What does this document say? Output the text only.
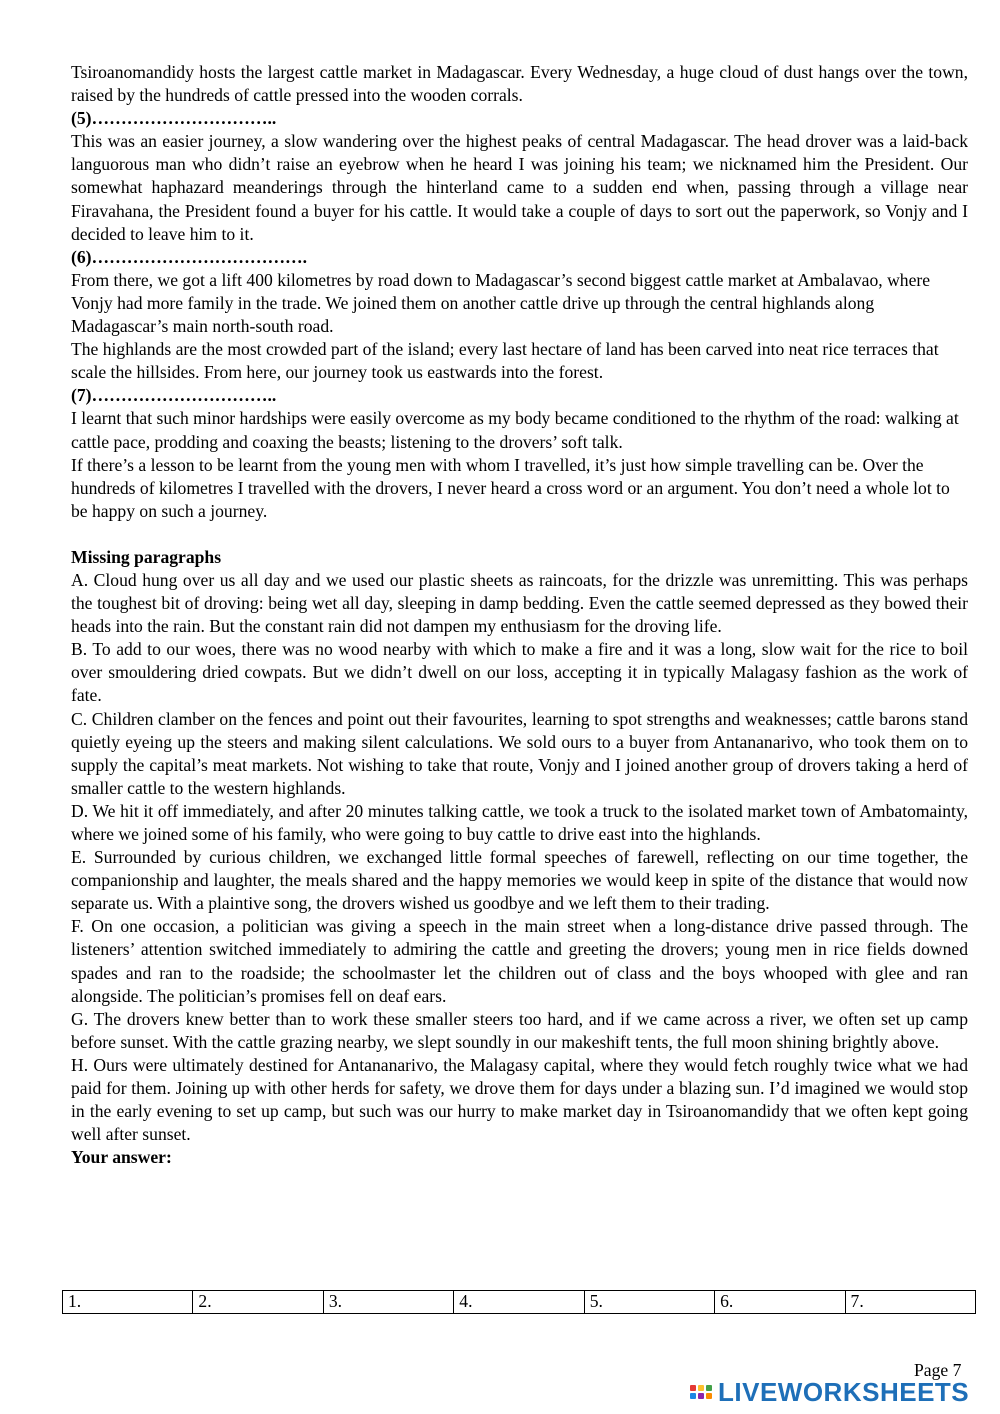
Tsiroanomandidy hosts the largest cattle market in Madagascar. Every Wednesday, a huge cloud of dust hangs over the town, raised by the hundreds of cattle pressed into the wooden corrals.

(5)…………………………..

This was an easier journey, a slow wandering over the highest peaks of central Madagascar. The head drover was a laid-back languorous man who didn’t raise an eyebrow when he heard I was joining his team; we nicknamed him the President. Our somewhat haphazard meanderings through the hinterland came to a sudden end when, passing through a village near Firavahana, the President found a buyer for his cattle. It would take a couple of days to sort out the paperwork, so Vonjy and I decided to leave him to it.

(6)……………………………….

From there, we got a lift 400 kilometres by road down to Madagascar’s second biggest cattle market at Ambalavao, where Vonjy had more family in the trade. We joined them on another cattle drive up through the central highlands along Madagascar’s main north-south road.

The highlands are the most crowded part of the island; every last hectare of land has been carved into neat rice terraces that scale the hillsides. From here, our journey took us eastwards into the forest.

(7)…………………………..

I learnt that such minor hardships were easily overcome as my body became conditioned to the rhythm of the road: walking at cattle pace, prodding and coaxing the beasts; listening to the drovers’ soft talk.

If there’s a lesson to be learnt from the young men with whom I travelled, it’s just how simple travelling can be. Over the hundreds of kilometres I travelled with the drovers, I never heard a cross word or an argument. You don’t need a whole lot to be happy on such a journey.

Missing paragraphs

A. Cloud hung over us all day and we used our plastic sheets as raincoats, for the drizzle was unremitting. This was perhaps the toughest bit of droving: being wet all day, sleeping in damp bedding. Even the cattle seemed depressed as they bowed their heads into the rain. But the constant rain did not dampen my enthusiasm for the droving life.

B. To add to our woes, there was no wood nearby with which to make a fire and it was a long, slow wait for the rice to boil over smouldering dried cowpats. But we didn’t dwell on our loss, accepting it in typically Malagasy fashion as the work of fate.

C. Children clamber on the fences and point out their favourites, learning to spot strengths and weaknesses; cattle barons stand quietly eyeing up the steers and making silent calculations. We sold ours to a buyer from Antananarivo, who took them on to supply the capital’s meat markets. Not wishing to take that route, Vonjy and I joined another group of drovers taking a herd of smaller cattle to the western highlands.

D. We hit it off immediately, and after 20 minutes talking cattle, we took a truck to the isolated market town of Ambatomainty, where we joined some of his family, who were going to buy cattle to drive east into the highlands.

E. Surrounded by curious children, we exchanged little formal speeches of farewell, reflecting on our time together, the companionship and laughter, the meals shared and the happy memories we would keep in spite of the distance that would now separate us. With a plaintive song, the drovers wished us goodbye and we left them to their trading.

F. On one occasion, a politician was giving a speech in the main street when a long-distance drive passed through. The listeners’ attention switched immediately to admiring the cattle and greeting the drovers; young men in rice fields downed spades and ran to the roadside; the schoolmaster let the children out of class and the boys whooped with glee and ran alongside. The politician’s promises fell on deaf ears.

G. The drovers knew better than to work these smaller steers too hard, and if we came across a river, we often set up camp before sunset. With the cattle grazing nearby, we slept soundly in our makeshift tents, the full moon shining brightly above.

H. Ours were ultimately destined for Antananarivo, the Malagasy capital, where they would fetch roughly twice what we had paid for them. Joining up with other herds for safety, we drove them for days under a blazing sun. I’d imagined we would stop in the early evening to set up camp, but such was our hurry to make market day in Tsiroanomandidy that we often kept going well after sunset.

Your answer:

1.	2.	3.	4.	5.	6.	7.
Page 7
LIVEWORKSHEETS
